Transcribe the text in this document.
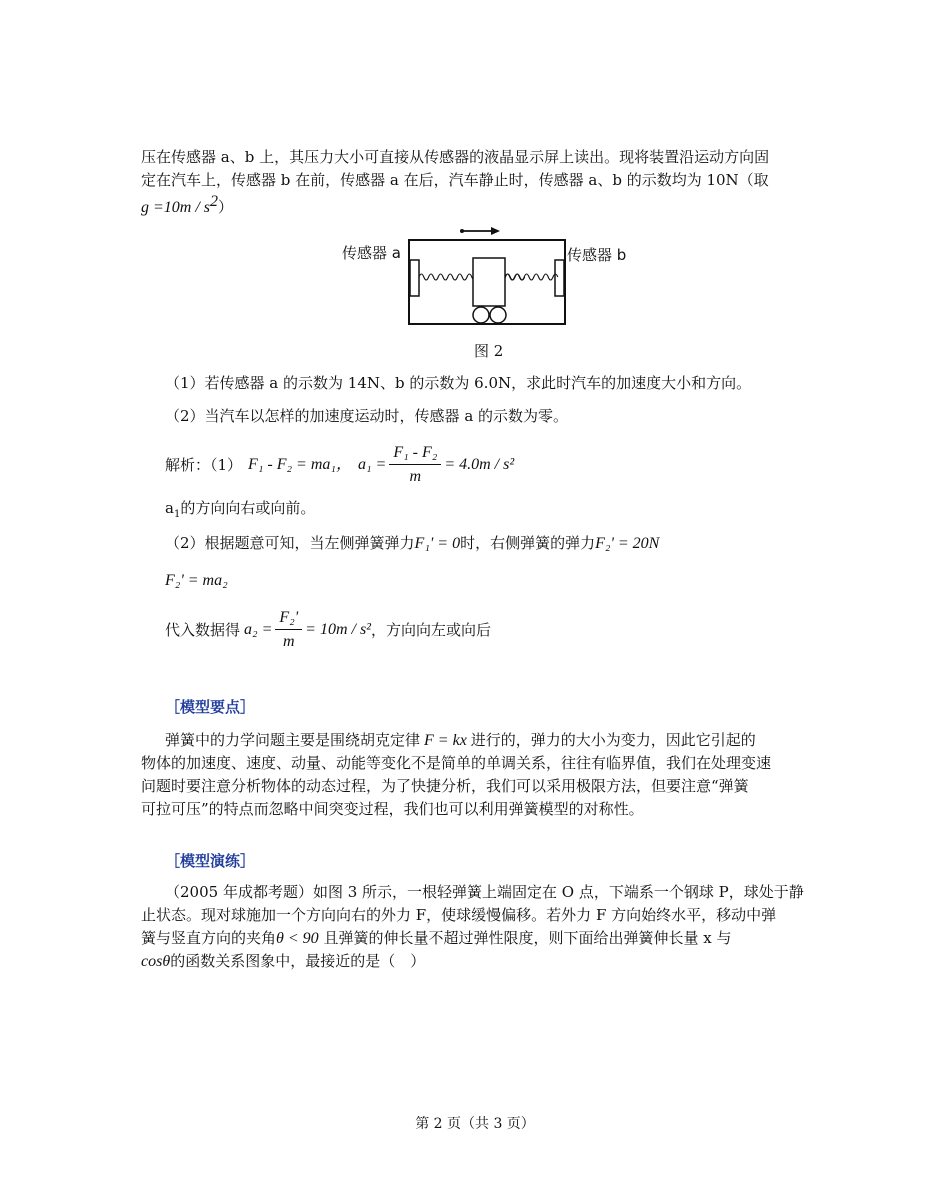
压在传感器 a、b 上，其压力大小可直接从传感器的液晶显示屏上读出。现将装置沿运动方向固
定在汽车上，传感器 b 在前，传感器 a 在后，汽车静止时，传感器 a、b 的示数均为 10N（取
$g =10m / s^2$）
传感器 a	传感器 b
图 2
（1）若传感器 a 的示数为 14N、b 的示数为 6.0N，求此时汽车的加速度大小和方向。
（2）当汽车以怎样的加速度运动时，传感器 a 的示数为零。
解析：（1） F₁ - F₂ = ma₁， $a_1 = \frac{\text{F₁ - F₂}}{m} = 4.0m / s^2$
$a_1$的方向向右或向前。
（2）根据题意可知，当左侧弹簧弹力F₁' = 0时，右侧弹簧的弹力F₂' = 20N
F₂' = ma₂
代入数据得 $a_2 = \frac{\text{F₂'}}{m} = 10m / s^2$ ，方向向左或向后
［模型要点］
弹簧中的力学问题主要是围绕胡克定律 F = kx 进行的，弹力的大小为变力，因此它引起的
物体的加速度、速度、动量、动能等变化不是简单的单调关系，往往有临界值，我们在处理变速
问题时要注意分析物体的动态过程，为了快捷分析，我们可以采用极限方法，但要注意“弹簧
可拉可压”的特点而忽略中间突变过程，我们也可以利用弹簧模型的对称性。
［模型演练］
（2005 年成都考题）如图 3 所示，一根轻弹簧上端固定在 O 点，下端系一个钢球 P，球处于静
止状态。现对球施加一个方向向右的外力 F，使球缓慢偏移。若外力 F 方向始终水平，移动中弹
簧与竖直方向的夹角θ < 90 且弹簧的伸长量不超过弹性限度，则下面给出弹簧伸长量 x 与
cosθ的函数关系图象中，最接近的是（　）
第 2 页（共 3 页）
